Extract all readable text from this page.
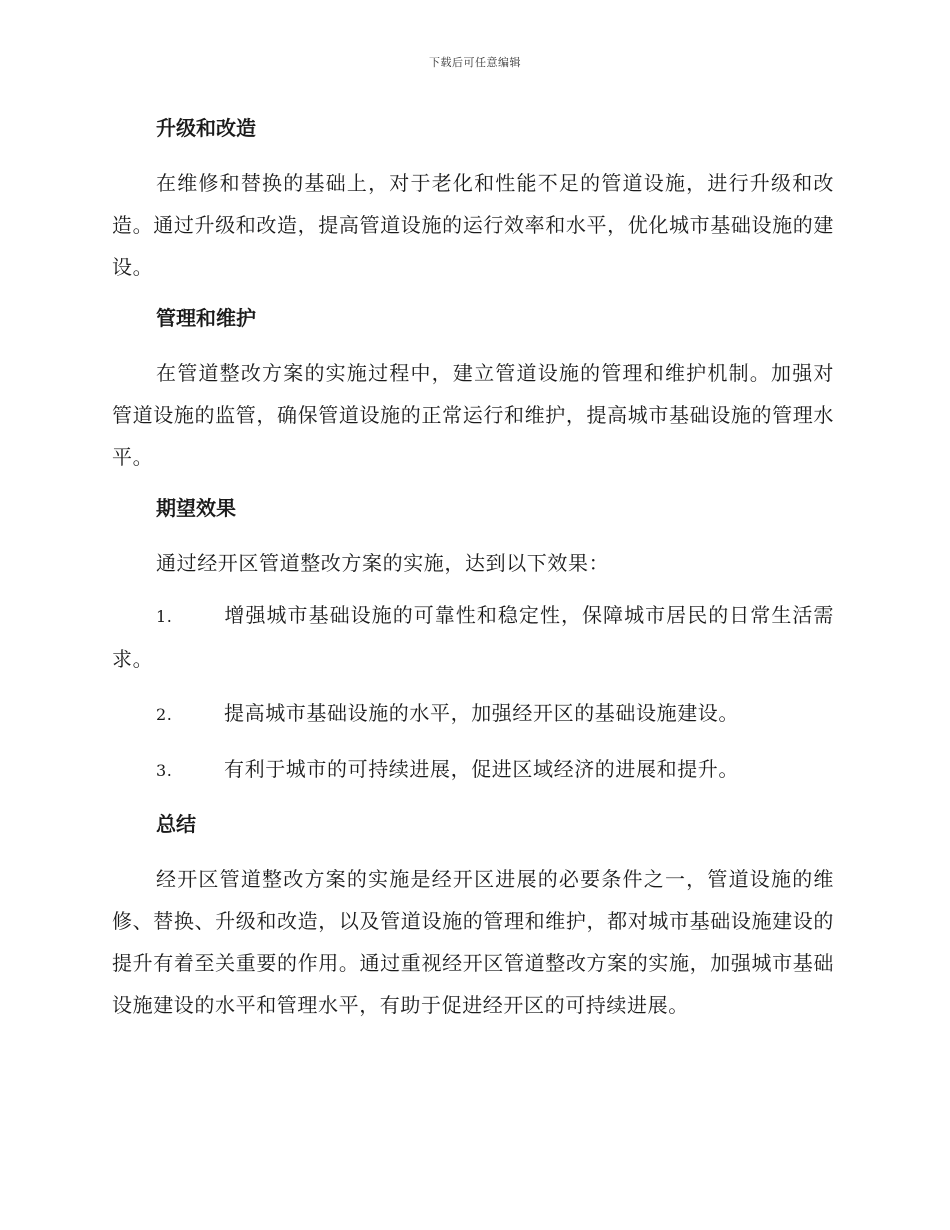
下载后可任意编辑
升级和改造

在维修和替换的基础上，对于老化和性能不足的管道设施，进行升级和改造。通过升级和改造，提高管道设施的运行效率和水平，优化城市基础设施的建设。

管理和维护

在管道整改方案的实施过程中，建立管道设施的管理和维护机制。加强对管道设施的监管，确保管道设施的正常运行和维护，提高城市基础设施的管理水平。

期望效果

通过经开区管道整改方案的实施，达到以下效果：

1.	增强城市基础设施的可靠性和稳定性，保障城市居民的日常生活需求。
2.	提高城市基础设施的水平，加强经开区的基础设施建设。
3.	有利于城市的可持续进展，促进区域经济的进展和提升。
总结

经开区管道整改方案的实施是经开区进展的必要条件之一，管道设施的维修、替换、升级和改造，以及管道设施的管理和维护，都对城市基础设施建设的提升有着至关重要的作用。通过重视经开区管道整改方案的实施，加强城市基础设施建设的水平和管理水平，有助于促进经开区的可持续进展。
